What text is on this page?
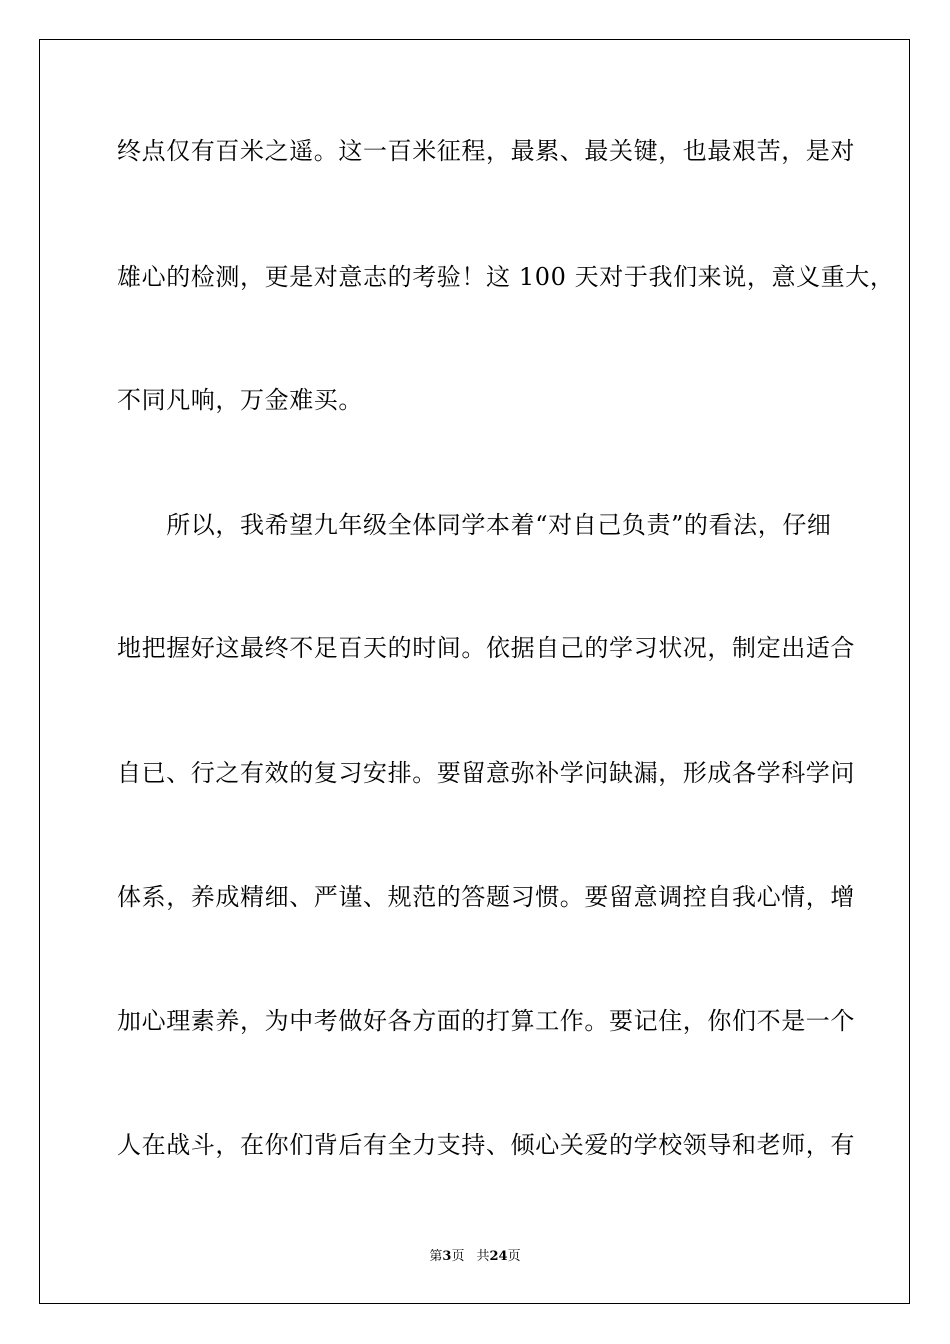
终点仅有百米之遥。这一百米征程，最累、最关键，也最艰苦，是对
雄心的检测，更是对意志的考验！这 100 天对于我们来说，意义重大，
不同凡响，万金难买。
　　所以，我希望九年级全体同学本着“对自己负责”的看法，仔细
地把握好这最终不足百天的时间。依据自己的学习状况，制定出适合
自已、行之有效的复习安排。要留意弥补学问缺漏，形成各学科学问
体系，养成精细、严谨、规范的答题习惯。要留意调控自我心情，增
加心理素养，为中考做好各方面的打算工作。要记住，你们不是一个
人在战斗，在你们背后有全力支持、倾心关爱的学校领导和老师，有
第3页 共24页
